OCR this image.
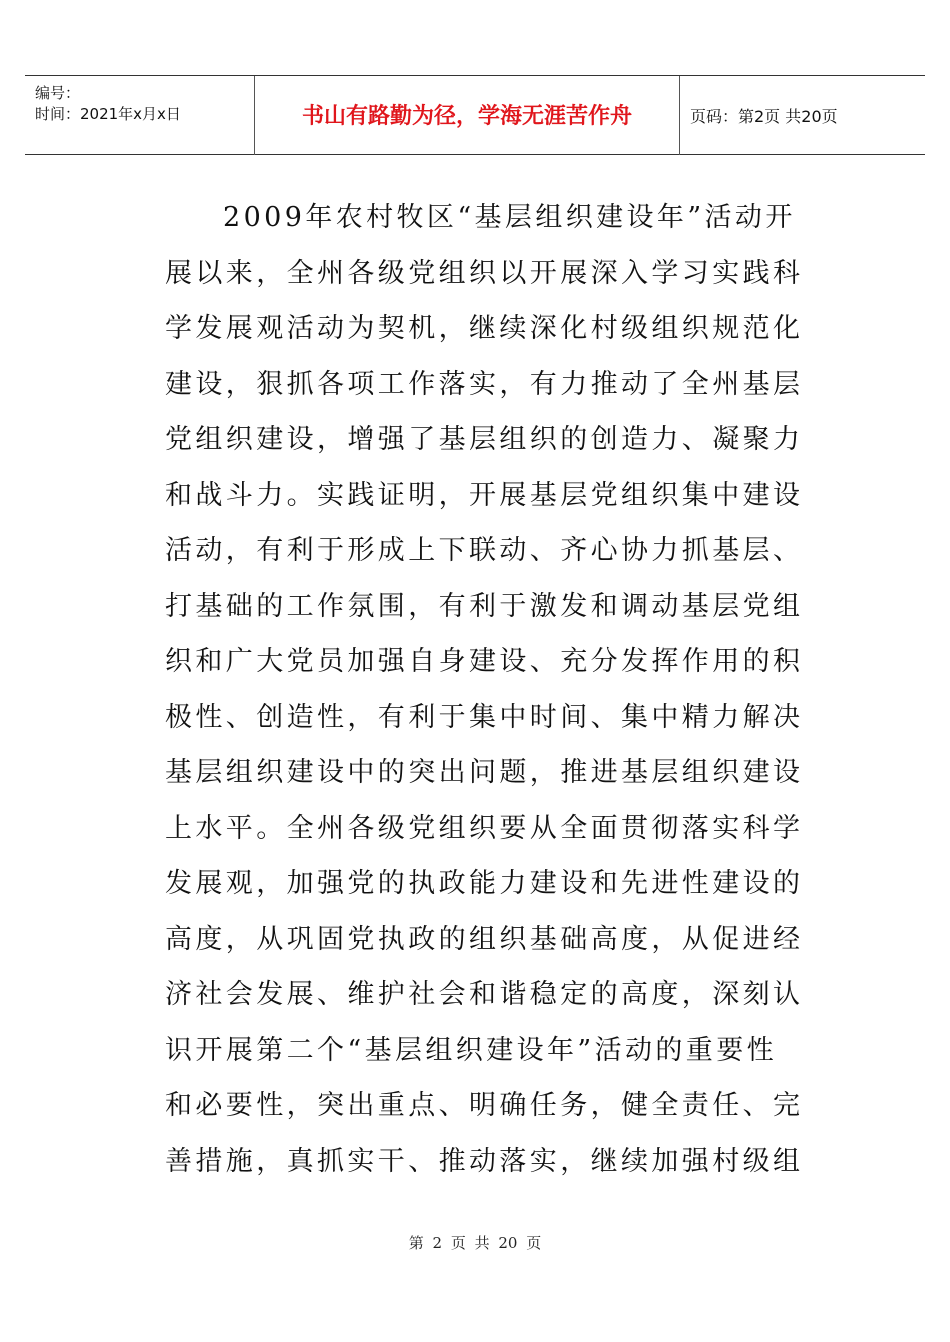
编号：
时间：2021年x月x日	书山有路勤为径，学海无涯苦作舟	页码：第2页 共20页
2009年农村牧区“基层组织建设年”活动开
展以来，全州各级党组织以开展深入学习实践科
学发展观活动为契机，继续深化村级组织规范化
建设，狠抓各项工作落实，有力推动了全州基层
党组织建设，增强了基层组织的创造力、凝聚力
和战斗力。实践证明，开展基层党组织集中建设
活动，有利于形成上下联动、齐心协力抓基层、
打基础的工作氛围，有利于激发和调动基层党组
织和广大党员加强自身建设、充分发挥作用的积
极性、创造性，有利于集中时间、集中精力解决
基层组织建设中的突出问题，推进基层组织建设
上水平。全州各级党组织要从全面贯彻落实科学
发展观，加强党的执政能力建设和先进性建设的
高度，从巩固党执政的组织基础高度，从促进经
济社会发展、维护社会和谐稳定的高度，深刻认
识开展第二个“基层组织建设年”活动的重要性
和必要性，突出重点、明确任务，健全责任、完
善措施，真抓实干、推动落实，继续加强村级组
第 2 页 共 20 页
